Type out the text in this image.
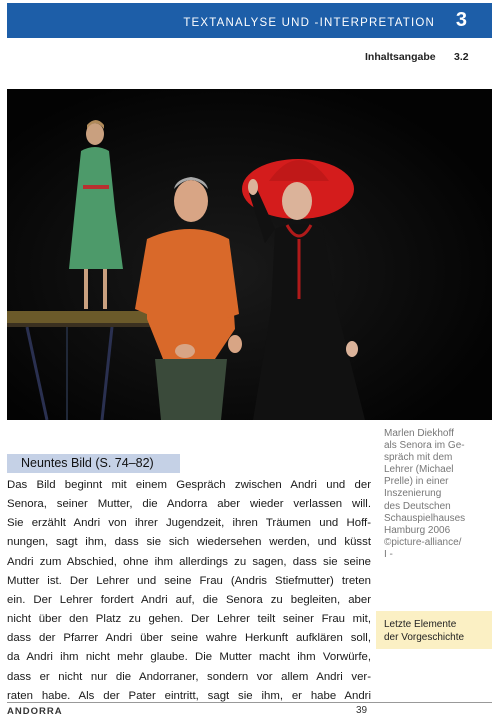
TEXTANALYSE UND -INTERPRETATION 3
Inhaltsangabe 3.2
Marlen Diekhoff
als Senora im Ge-
spräch mit dem
Lehrer (Michael
Prelle) in einer
Inszenierung
des Deutschen
Schauspielhauses
Hamburg 2006
©picture-alliance/
I -
Neuntes Bild (S. 74–82)
Das Bild beginnt mit einem Gespräch zwischen Andri und der
Senora, seiner Mutter, die Andorra aber wieder verlassen will.
Sie erzählt Andri von ihrer Jugendzeit, ihren Träumen und Hoff-
nungen, sagt ihm, dass sie sich wiedersehen werden, und küsst
Andri zum Abschied, ohne ihm allerdings zu sagen, dass sie seine
Mutter ist. Der Lehrer und seine Frau (Andris Stiefmutter) treten
ein. Der Lehrer fordert Andri auf, die Senora zu begleiten, aber
nicht über den Platz zu gehen. Der Lehrer teilt seiner Frau mit,
dass der Pfarrer Andri über seine wahre Herkunft aufklären soll,
da Andri ihm nicht mehr glaube. Die Mutter macht ihm Vorwürfe,
dass er nicht nur die Andorraner, sondern vor allem Andri ver-
raten habe. Als der Pater eintritt, sagt sie ihm, er habe Andri
Letzte Elemente
der Vorgeschichte
ANDORRA	39
